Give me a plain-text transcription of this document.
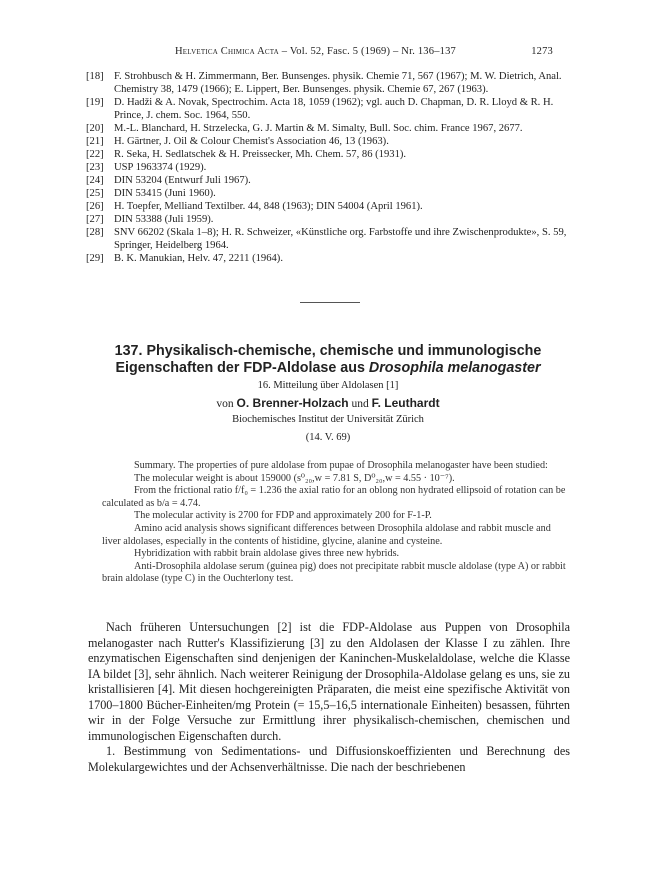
Helvetica Chimica Acta – Vol. 52, Fasc. 5 (1969) – Nr. 136–137	1273
[18] F. Strohbusch & H. Zimmermann, Ber. Bunsenges. physik. Chemie 71, 567 (1967); M. W. Dietrich, Anal. Chemistry 38, 1479 (1966); E. Lippert, Ber. Bunsenges. physik. Chemie 67, 267 (1963).
[19] D. Hadži & A. Novak, Spectrochim. Acta 18, 1059 (1962); vgl. auch D. Chapman, D. R. Lloyd & R. H. Prince, J. chem. Soc. 1964, 550.
[20] M.-L. Blanchard, H. Strzelecka, G. J. Martin & M. Simalty, Bull. Soc. chim. France 1967, 2677.
[21] H. Gärtner, J. Oil & Colour Chemist's Association 46, 13 (1963).
[22] R. Seka, H. Sedlatschek & H. Preissecker, Mh. Chem. 57, 86 (1931).
[23] USP 1963374 (1929).
[24] DIN 53204 (Entwurf Juli 1967).
[25] DIN 53415 (Juni 1960).
[26] H. Toepfer, Melliand Textilber. 44, 848 (1963); DIN 54004 (April 1961).
[27] DIN 53388 (Juli 1959).
[28] SNV 66202 (Skala 1–8); H. R. Schweizer, «Künstliche org. Farbstoffe und ihre Zwischenprodukte», S. 59, Springer, Heidelberg 1964.
[29] B. K. Manukian, Helv. 47, 2211 (1964).
137. Physikalisch-chemische, chemische und immunologische
Eigenschaften der FDP-Aldolase aus Drosophila melanogaster
16. Mitteilung über Aldolasen [1]
von O. Brenner-Holzach und F. Leuthardt
Biochemisches Institut der Universität Zürich
(14. V. 69)

Summary. The properties of pure aldolase from pupae of Drosophila melanogaster have been studied:

The molecular weight is about 159000 (s⁰₂₀,w = 7.81 S, D⁰₂₀,w = 4.55 · 10⁻⁷).

From the frictional ratio f/f₀ = 1.236 the axial ratio for an oblong non hydrated ellipsoid of rotation can be calculated as b/a = 4.74.

The molecular activity is 2700 for FDP and approximately 200 for F-1-P.

Amino acid analysis shows significant differences between Drosophila aldolase and rabbit muscle and liver aldolases, especially in the contents of histidine, glycine, alanine and cysteine.

Hybridization with rabbit brain aldolase gives three new hybrids.

Anti-Drosophila aldolase serum (guinea pig) does not precipitate rabbit muscle aldolase (type A) or rabbit brain aldolase (type C) in the Ouchterlony test.

Nach früheren Untersuchungen [2] ist die FDP-Aldolase aus Puppen von Drosophila melanogaster nach Rutter's Klassifizierung [3] zu den Aldolasen der Klasse I zu zählen. Ihre enzymatischen Eigenschaften sind denjenigen der Kaninchen-Muskelaldolase, welche die Klasse IA bildet [3], sehr ähnlich. Nach weiterer Reinigung der Drosophila-Aldolase gelang es uns, sie zu kristallisieren [4]. Mit diesen hochgereinigten Präparaten, die meist eine spezifische Aktivität von 1700–1800 Bücher-Einheiten/mg Protein (= 15,5–16,5 internationale Einheiten) besassen, führten wir in der Folge Versuche zur Ermittlung ihrer physikalisch-chemischen, chemischen und immunologischen Eigenschaften durch.

1. Bestimmung von Sedimentations- und Diffusionskoeffizienten und Berechnung des Molekulargewichtes und der Achsenverhältnisse. Die nach der beschriebenen
